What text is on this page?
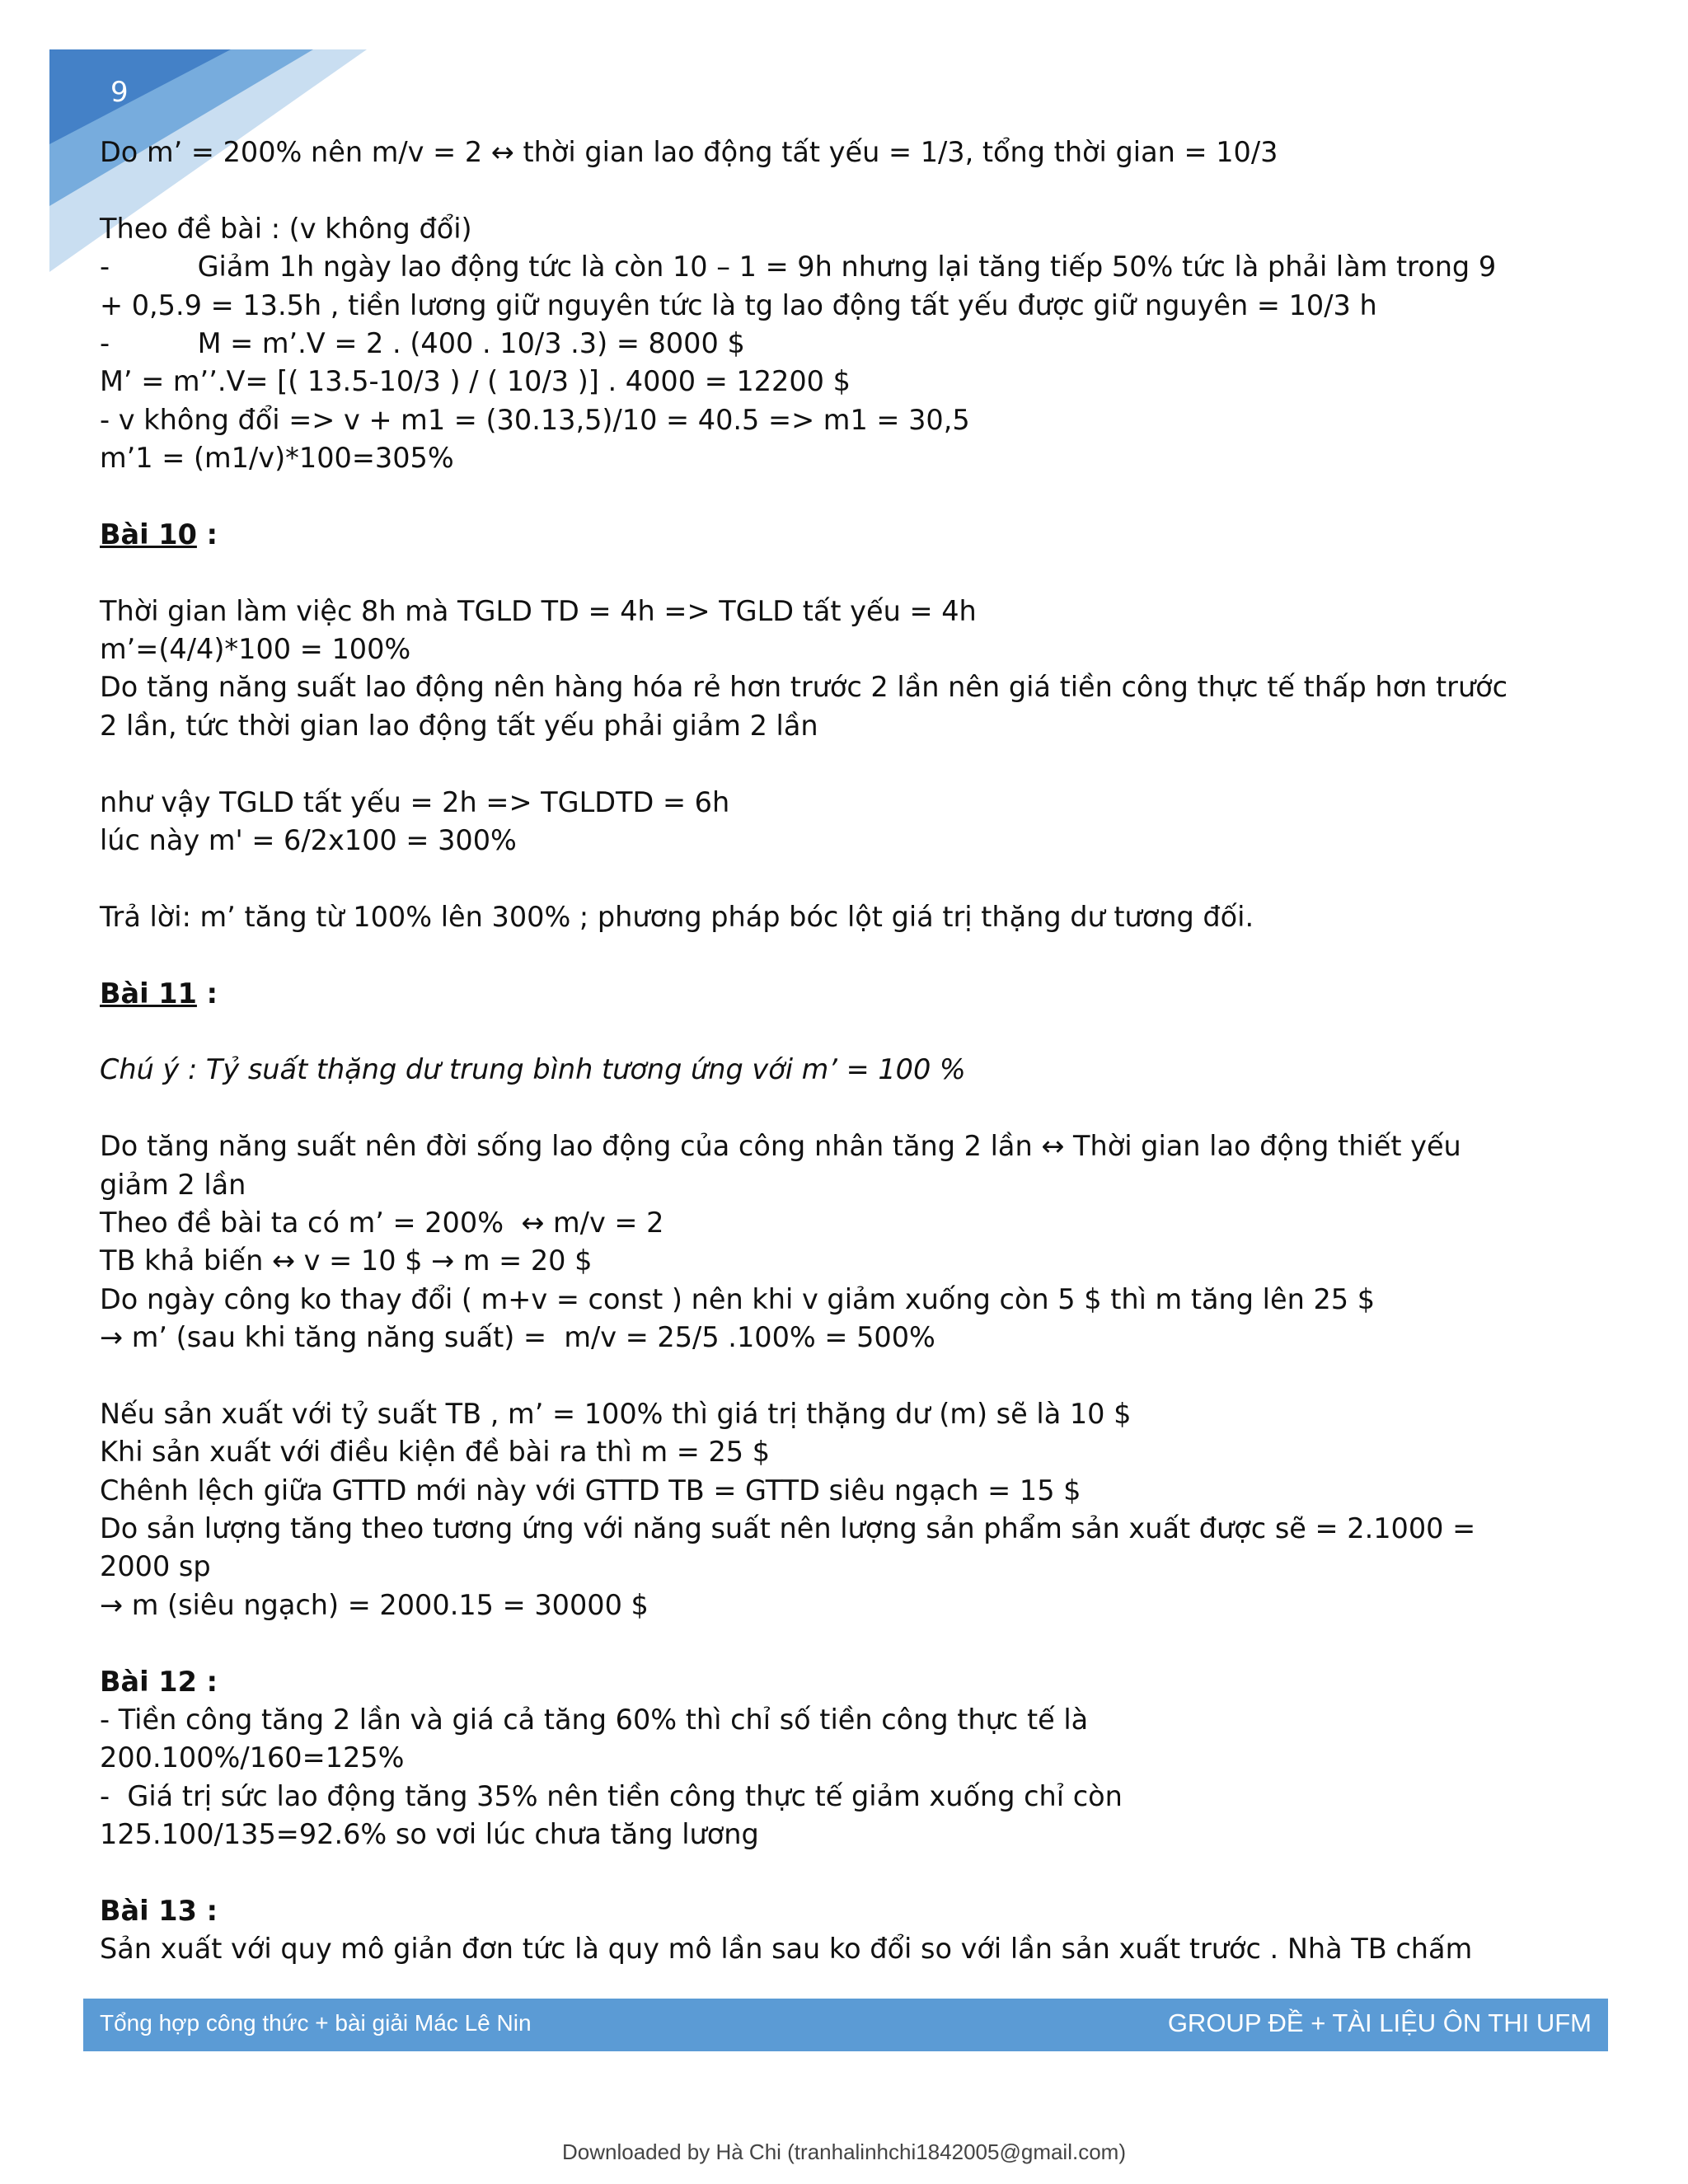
9
Do m’ = 200% nên m/v = 2 ↔ thời gian lao động tất yếu = 1/3, tổng thời gian = 10/3
Theo đề bài : (v không đổi)
-          Giảm 1h ngày lao động tức là còn 10 – 1 = 9h nhưng lại tăng tiếp 50% tức là phải làm trong 9
+ 0,5.9 = 13.5h , tiền lương giữ nguyên tức là tg lao động tất yếu được giữ nguyên = 10/3 h
-          M = m’.V = 2 . (400 . 10/3 .3) = 8000 $
M’ = m’’.V= [( 13.5-10/3 ) / ( 10/3 )] . 4000 = 12200 $
- v không đổi => v + m1 = (30.13,5)/10 = 40.5 => m1 = 30,5
m’1 = (m1/v)*100=305%
Bài 10 :
Thời gian làm việc 8h mà TGLD TD = 4h => TGLD tất yếu = 4h
m’=(4/4)*100 = 100%
Do tăng năng suất lao động nên hàng hóa rẻ hơn trước 2 lần nên giá tiền công thực tế thấp hơn trước
2 lần, tức thời gian lao động tất yếu phải giảm 2 lần
như vậy TGLD tất yếu = 2h => TGLDTD = 6h
lúc này m' = 6/2x100 = 300%
Trả lời: m’ tăng từ 100% lên 300% ; phương pháp bóc lột giá trị thặng dư tương đối.
Bài 11 :
Chú ý : Tỷ suất thặng dư trung bình tương ứng với m’ = 100 %
Do tăng năng suất nên đời sống lao động của công nhân tăng 2 lần ↔ Thời gian lao động thiết yếu
giảm 2 lần
Theo đề bài ta có m’ = 200%  ↔ m/v = 2
TB khả biến ↔ v = 10 $ → m = 20 $
Do ngày công ko thay đổi ( m+v = const ) nên khi v giảm xuống còn 5 $ thì m tăng lên 25 $
→ m’ (sau khi tăng năng suất) =  m/v = 25/5 .100% = 500%
Nếu sản xuất với tỷ suất TB , m’ = 100% thì giá trị thặng dư (m) sẽ là 10 $
Khi sản xuất với điều kiện đề bài ra thì m = 25 $
Chênh lệch giữa GTTD mới này với GTTD TB = GTTD siêu ngạch = 15 $
Do sản lượng tăng theo tương ứng với năng suất nên lượng sản phẩm sản xuất được sẽ = 2.1000 =
2000 sp
→ m (siêu ngạch) = 2000.15 = 30000 $
Bài 12 :
- Tiền công tăng 2 lần và giá cả tăng 60% thì chỉ số tiền công thực tế là
200.100%/160=125%
-  Giá trị sức lao động tăng 35% nên tiền công thực tế giảm xuống chỉ còn
125.100/135=92.6% so vơi lúc chưa tăng lương
Bài 13 :
Sản xuất với quy mô giản đơn tức là quy mô lần sau ko đổi so với lần sản xuất trước . Nhà TB chấm
Tổng hợp công thức + bài giải Mác Lê Nin	GROUP ĐỀ + TÀI LIỆU ÔN THI UFM
Downloaded by Hà Chi (tranhalinhchi1842005@gmail.com)
